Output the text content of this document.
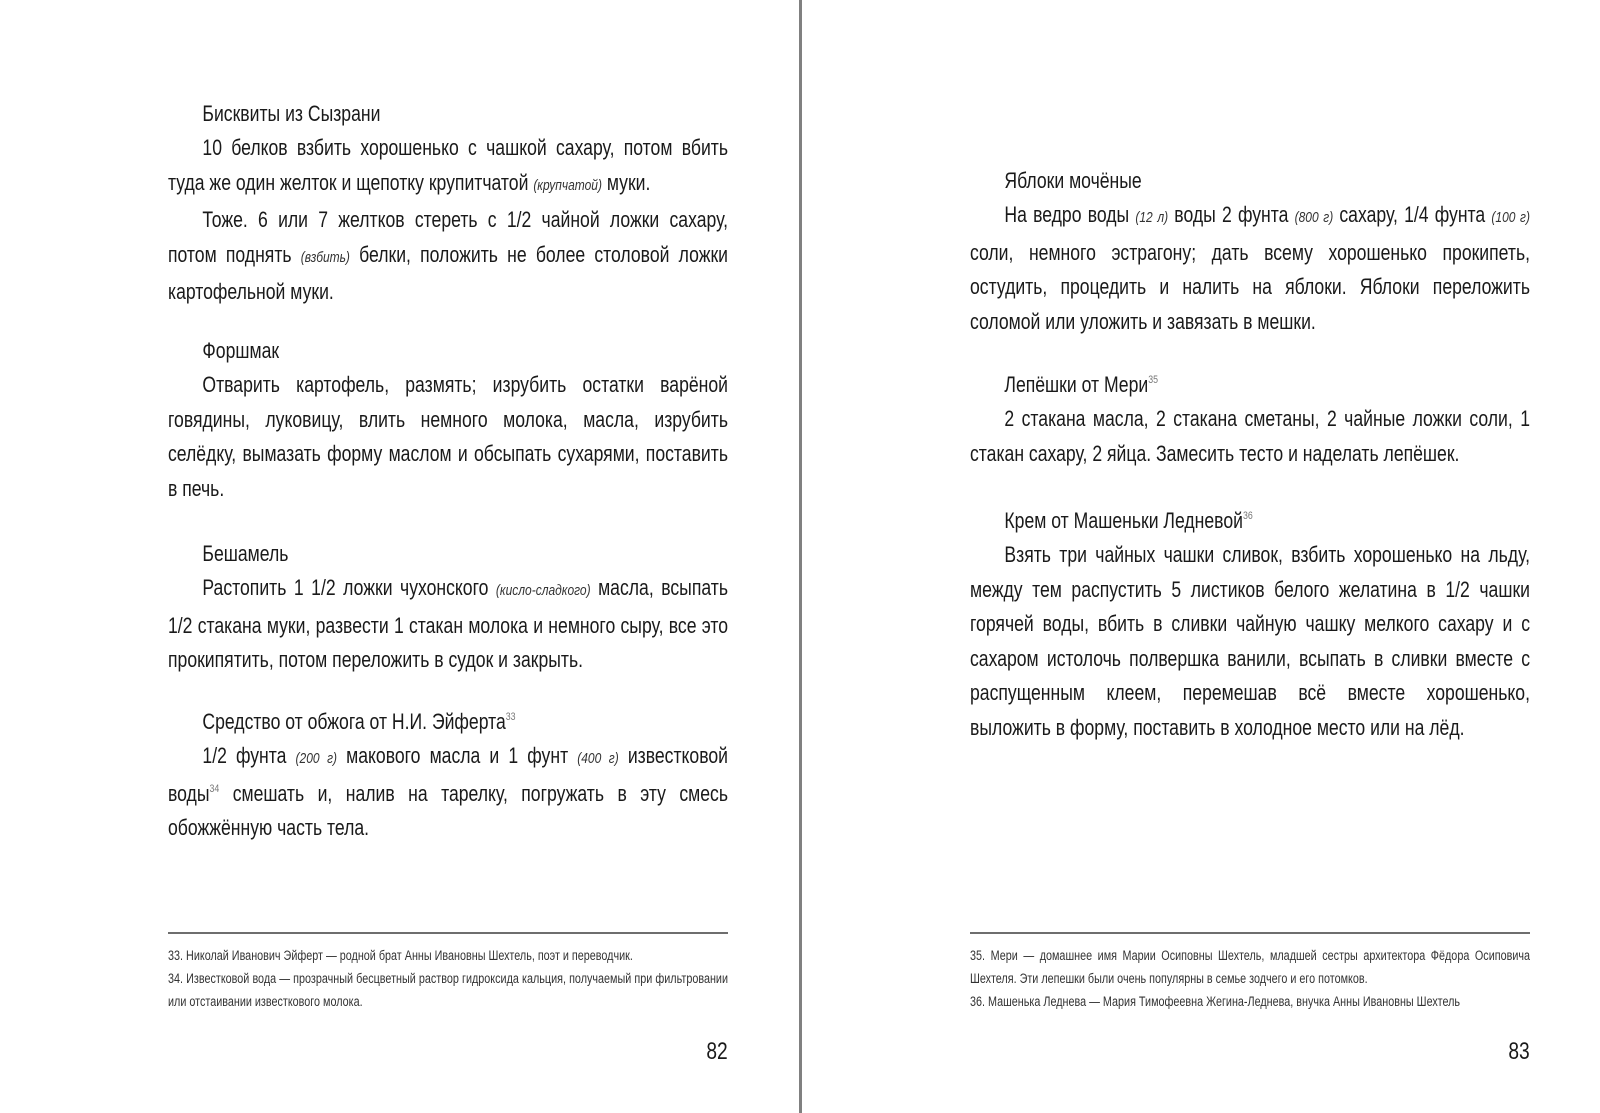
Бисквиты из Сызрани

10 белков взбить хорошенько с чашкой сахару, потом вбить туда же один желток и щепотку крупитчатой (крупчатой) муки.

Тоже. 6 или 7 желтков стереть с 1/2 чайной ложки сахару, потом поднять (взбить) белки, положить не более столовой ложки картофельной муки.

Форшмак

Отварить картофель, размять; изрубить остатки варёной говядины, луковицу, влить немного молока, масла, изрубить селёдку, вымазать форму маслом и обсыпать сухарями, поставить в печь.

Бешамель

Растопить 1 1/2 ложки чухонского (кисло-сладкого) масла, всыпать 1/2 стакана муки, развести 1 стакан молока и немного сыру, все это прокипятить, потом переложить в судок и закрыть.

Средство от обжога от Н.И. Эйферта$^{33}$

1/2 фунта (200 г) макового масла и 1 фунт (400 г) известковой воды$^{34}$ смешать и, налив на тарелку, погружать в эту смесь обожжённую часть тела.

33. Николай Иванович Эйферт — родной брат Анны Ивановны Шехтель, поэт и переводчик.

34. Известковой вода — прозрачный бесцветный раствор гидроксида кальция, получаемый при фильтровании или отстаивании известкового молока.

82
Яблоки мочёные

На ведро воды (12 л) воды 2 фунта (800 г) сахару, 1/4 фунта (100 г) соли, немного эстрагону; дать всему хорошенько прокипеть, остудить, процедить и налить на яблоки. Яблоки переложить соломой или уложить и завязать в мешки.

Лепёшки от Мери$^{35}$

2 стакана масла, 2 стакана сметаны, 2 чайные ложки соли, 1 стакан сахару, 2 яйца. Замесить тесто и наделать лепёшек.

Крем от Машеньки Ледневой$^{36}$

Взять три чайных чашки сливок, взбить хорошенько на льду, между тем распустить 5 листиков белого желатина в 1/2 чашки горячей воды, вбить в сливки чайную чашку мелкого сахару и с сахаром истолочь полвершка ванили, всыпать в сливки вместе с распущенным клеем, перемешав всё вместе хорошенько, выложить в форму, поставить в холодное место или на лёд.

35. Мери — домашнее имя Марии Осиповны Шехтель, младшей сестры архитектора Фёдора Осиповича Шехтеля. Эти лепешки были очень популярны в семье зодчего и его потомков.

36. Машенька Леднева — Мария Тимофеевна Жегина-Леднева, внучка Анны Ивановны Шехтель

83
